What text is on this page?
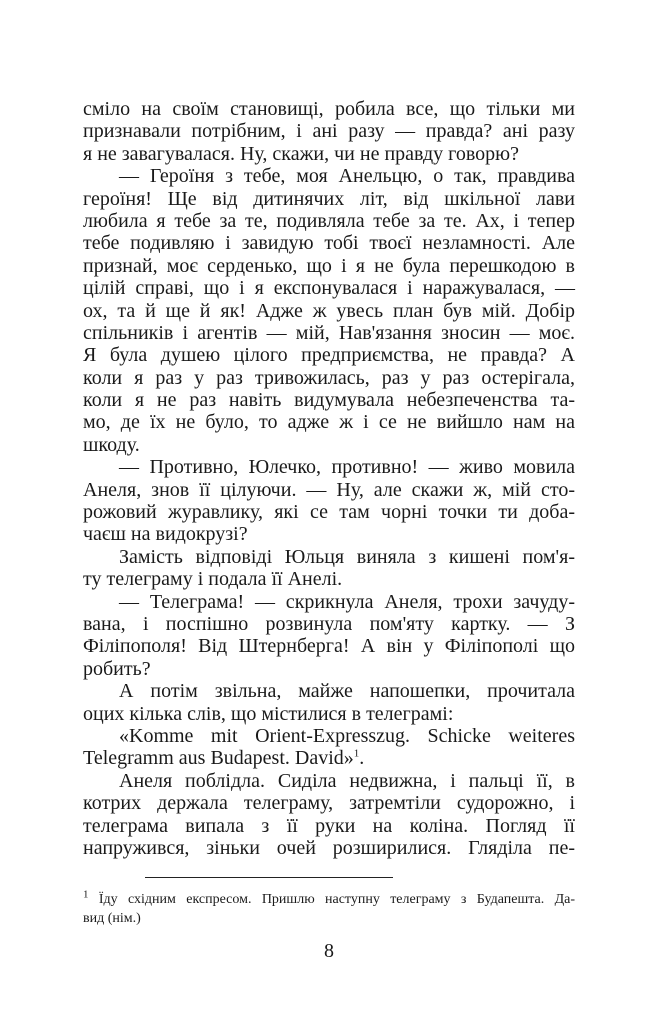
сміло на своїм становищі, робила все, що тільки ми
признавали потрібним, і ані разу — правда? ані разу
я не завагувалася. Ну, скажи, чи не правду говорю?
— Героїня з тебе, моя Анельцю, о так, правдива
героїня! Ще від дитинячих літ, від шкільної лави
любила я тебе за те, подивляла тебе за те. Ах, і тепер
тебе подивляю і завидую тобі твоєї незламності. Але
признай, моє серденько, що і я не була перешкодою в
цілій справі, що і я експонувалася і наражувалася, —
ох, та й ще й як! Адже ж увесь план був мій. Добір
спільників і агентів — мій, Нав'язання зносин — моє.
Я була душею цілого предприємства, не правда? А
коли я раз у раз тривожилась, раз у раз остерігала,
коли я не раз навіть видумувала небезпеченства та-
мо, де їх не було, то адже ж і се не вийшло нам на
шкоду.
— Противно, Юлечко, противно! — живо мовила
Анеля, знов її цілуючи. — Ну, але скажи ж, мій сто-
рожовий журавлику, які се там чорні точки ти доба-
чаєш на видокрузі?
Замість відповіді Юльця виняла з кишені пом'я-
ту телеграму і подала її Анелі.
— Телеграма! — скрикнула Анеля, трохи зачуду-
вана, і поспішно розвинула пом'яту картку. — З
Філіпополя! Від Штернберга! А він у Філіпополі що
робить?
А потім звільна, майже напошепки, прочитала
оцих кілька слів, що містилися в телеграмі:
«Komme mit Orient-Expresszug. Schicke weiteres
Telegramm aus Budapest. David»$^1$.
Анеля поблідла. Сиділа недвижна, і пальці її, в
котрих держала телеграму, затремтіли судорожно, і
телеграма випала з її руки на коліна. Погляд її
напружився, зіньки очей розширилися. Гляділа пе-
$^1$ Їду східним експресом. Пришлю наступну телеграму з Будапешта. Да-
вид (нім.)
8
